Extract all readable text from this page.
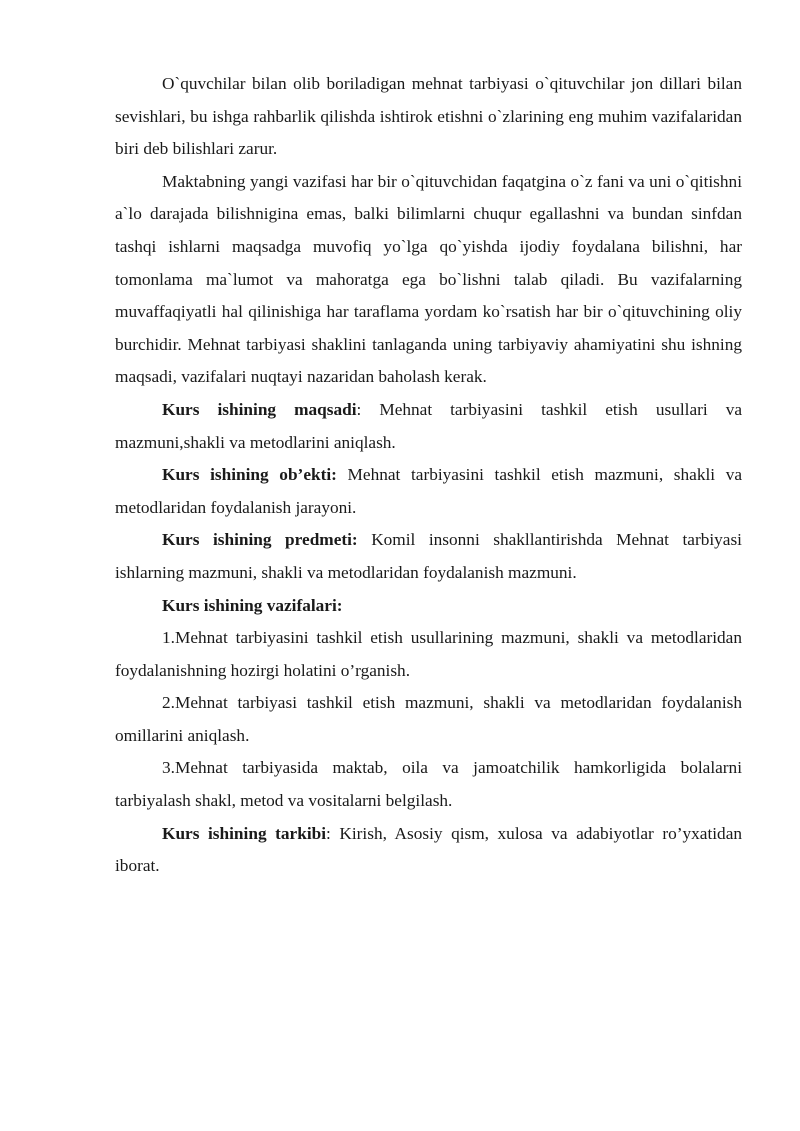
O`quvchilar bilan olib boriladigan mehnat tarbiyasi o`qituvchilar jon dillari bilan sevishlari, bu ishga rahbarlik qilishda ishtirok etishni o`zlarining eng muhim vazifalaridan biri deb bilishlari zarur.

Maktabning yangi vazifasi har bir o`qituvchidan faqatgina o`z fani va uni o`qitishni a`lo darajada bilishnigina emas, balki bilimlarni chuqur egallashni va bundan sinfdan tashqi ishlarni maqsadga muvofiq yo`lga qo`yishda ijodiy foydalana bilishni, har tomonlama ma`lumot va mahoratga ega bo`lishni talab qiladi. Bu vazifalarning muvaffaqiyatli hal qilinishiga har taraflama yordam ko`rsatish har bir o`qituvchining oliy burchidir. Mehnat tarbiyasi shaklini tanlaganda uning tarbiyaviy ahamiyatini shu ishning maqsadi, vazifalari nuqtayi nazaridan baholash kerak.

Kurs ishining maqsadi: Mehnat tarbiyasini tashkil etish usullari va mazmuni,shakli va metodlarini aniqlash.

Kurs ishining ob’ekti: Mehnat tarbiyasini tashkil etish mazmuni, shakli va metodlaridan foydalanish jarayoni.

Kurs ishining predmeti: Komil insonni shakllantirishda Mehnat tarbiyasi ishlarning mazmuni, shakli va metodlaridan foydalanish mazmuni.

Kurs ishining vazifalari:

1.Mehnat tarbiyasini tashkil etish usullarining mazmuni, shakli va metodlaridan foydalanishning hozirgi holatini o’rganish.

2.Mehnat tarbiyasi tashkil etish mazmuni, shakli va metodlaridan foydalanish omillarini aniqlash.

3.Mehnat tarbiyasida maktab, oila va jamoatchilik hamkorligida bolalarni tarbiyalash shakl, metod va vositalarni belgilash.

Kurs ishining tarkibi: Kirish, Asosiy qism, xulosa va adabiyotlar ro’yxatidan iborat.
